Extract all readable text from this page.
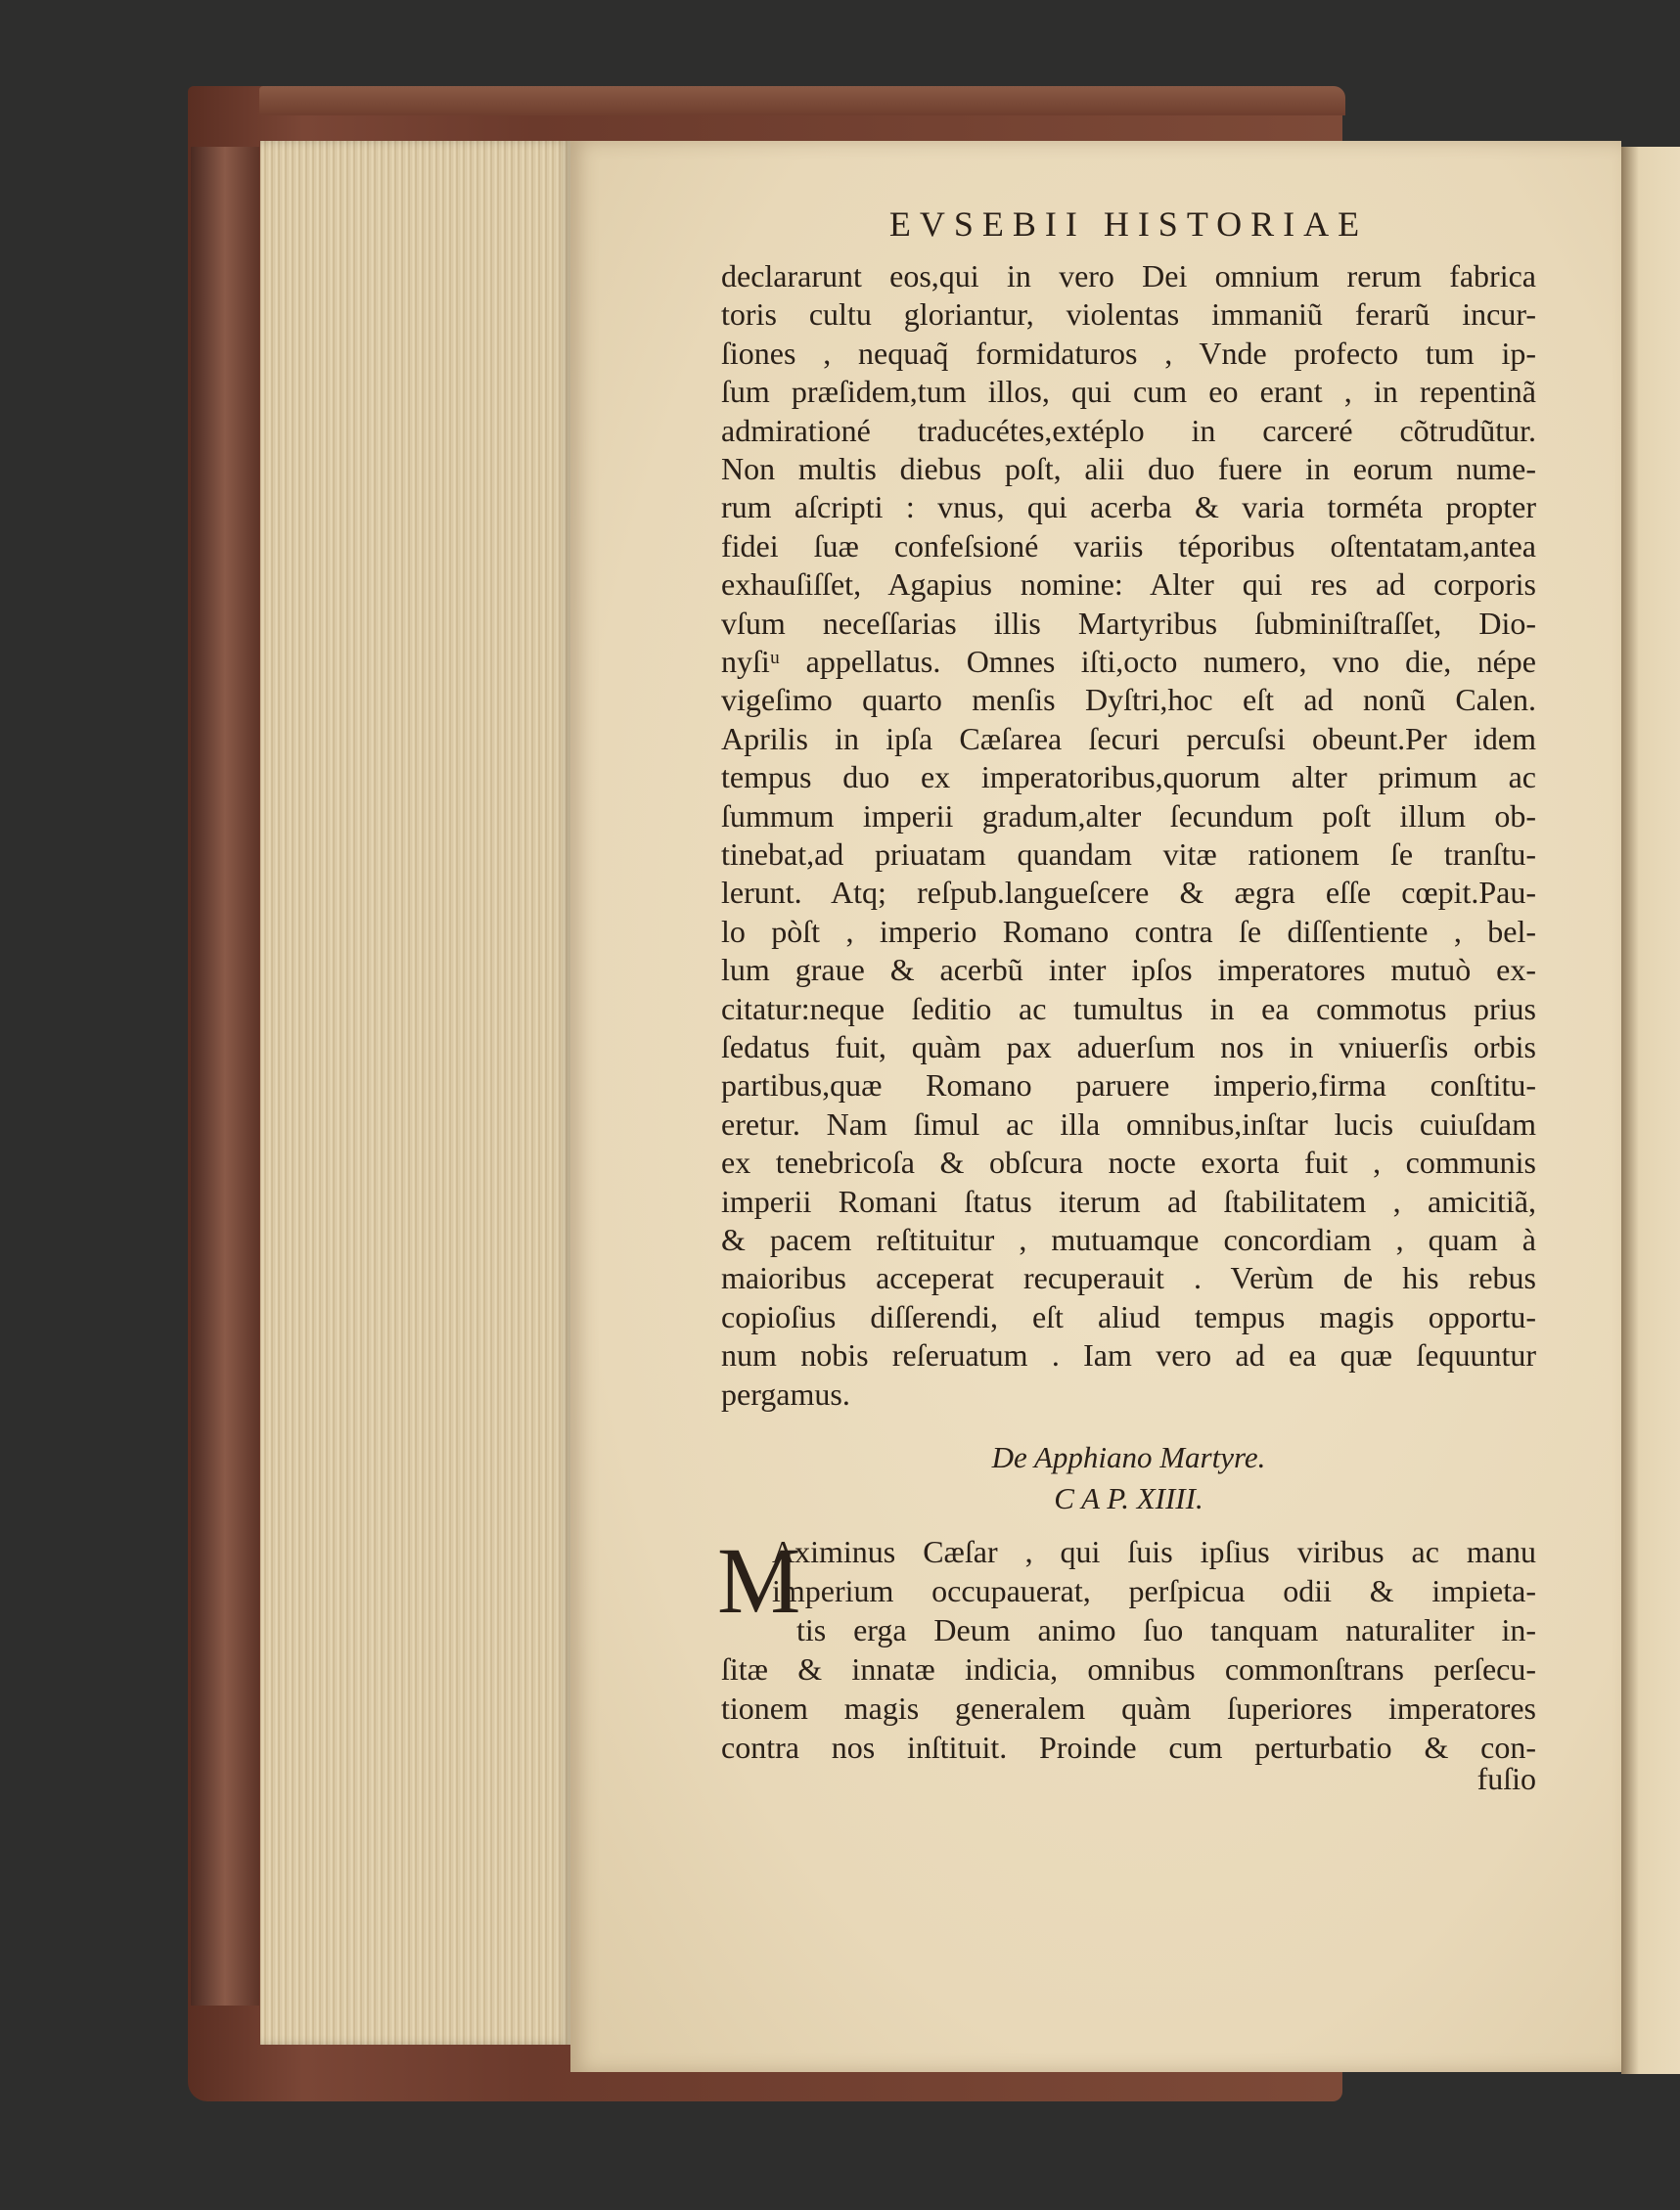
EVSEBII HISTORIAE
declararunt eos,qui in vero Dei omnium rerum fabrica
toris cultu gloriantur, violentas immaniũ ferarũ incur-
ſiones , nequaq̃ formidaturos , Vnde profecto tum ip-
ſum præſidem,tum illos, qui cum eo erant , in repentinã
admirationé traducétes,extéplo in carceré cõtrudũtur.
Non multis diebus poſt, alii duo fuere in eorum nume-
rum aſcripti : vnus, qui acerba & varia torméta propter
fidei ſuæ confeſsioné variis téporibus oſtentatam,antea
exhauſiſſet, Agapius nomine: Alter qui res ad corporis
vſum neceſſarias illis Martyribus ſubminiſtraſſet, Dio-
nyſiᵘ appellatus. Omnes iſti,octo numero, vno die, népe
vigeſimo quarto menſis Dyſtri,hoc eſt ad nonũ Calen.
Aprilis in ipſa Cæſarea ſecuri percuſsi obeunt.Per idem
tempus duo ex imperatoribus,quorum alter primum ac
ſummum imperii gradum,alter ſecundum poſt illum ob-
tinebat,ad priuatam quandam vitæ rationem ſe tranſtu-
lerunt. Atq; reſpub.langueſcere & ægra eſſe cœpit.Pau-
lo pòſt , imperio Romano contra ſe diſſentiente , bel-
lum graue & acerbũ inter ipſos imperatores mutuò ex-
citatur:neque ſeditio ac tumultus in ea commotus prius
ſedatus fuit, quàm pax aduerſum nos in vniuerſis orbis
partibus,quæ Romano paruere imperio,firma conſtitu-
eretur. Nam ſimul ac illa omnibus,inſtar lucis cuiuſdam
ex tenebricoſa & obſcura nocte exorta fuit , communis
imperii Romani ſtatus iterum ad ſtabilitatem , amicitiã,
& pacem reſtituitur , mutuamque concordiam , quam à
maioribus acceperat recuperauit . Verùm de his rebus
copioſius diſſerendi, eſt aliud tempus magis opportu-
num nobis reſeruatum . Iam vero ad ea quæ ſequuntur
pergamus.
De Apphiano Martyre.
C A P. XIIII.
M
Aximinus Cæſar , qui ſuis ipſius viribus ac manu
imperium occupauerat, perſpicua odii & impieta-
tis erga Deum animo ſuo tanquam naturaliter in-
ſitæ & innatæ indicia, omnibus commonſtrans perſecu-
tionem magis generalem quàm ſuperiores imperatores
contra nos inſtituit. Proinde cum perturbatio & con-
fuſio
